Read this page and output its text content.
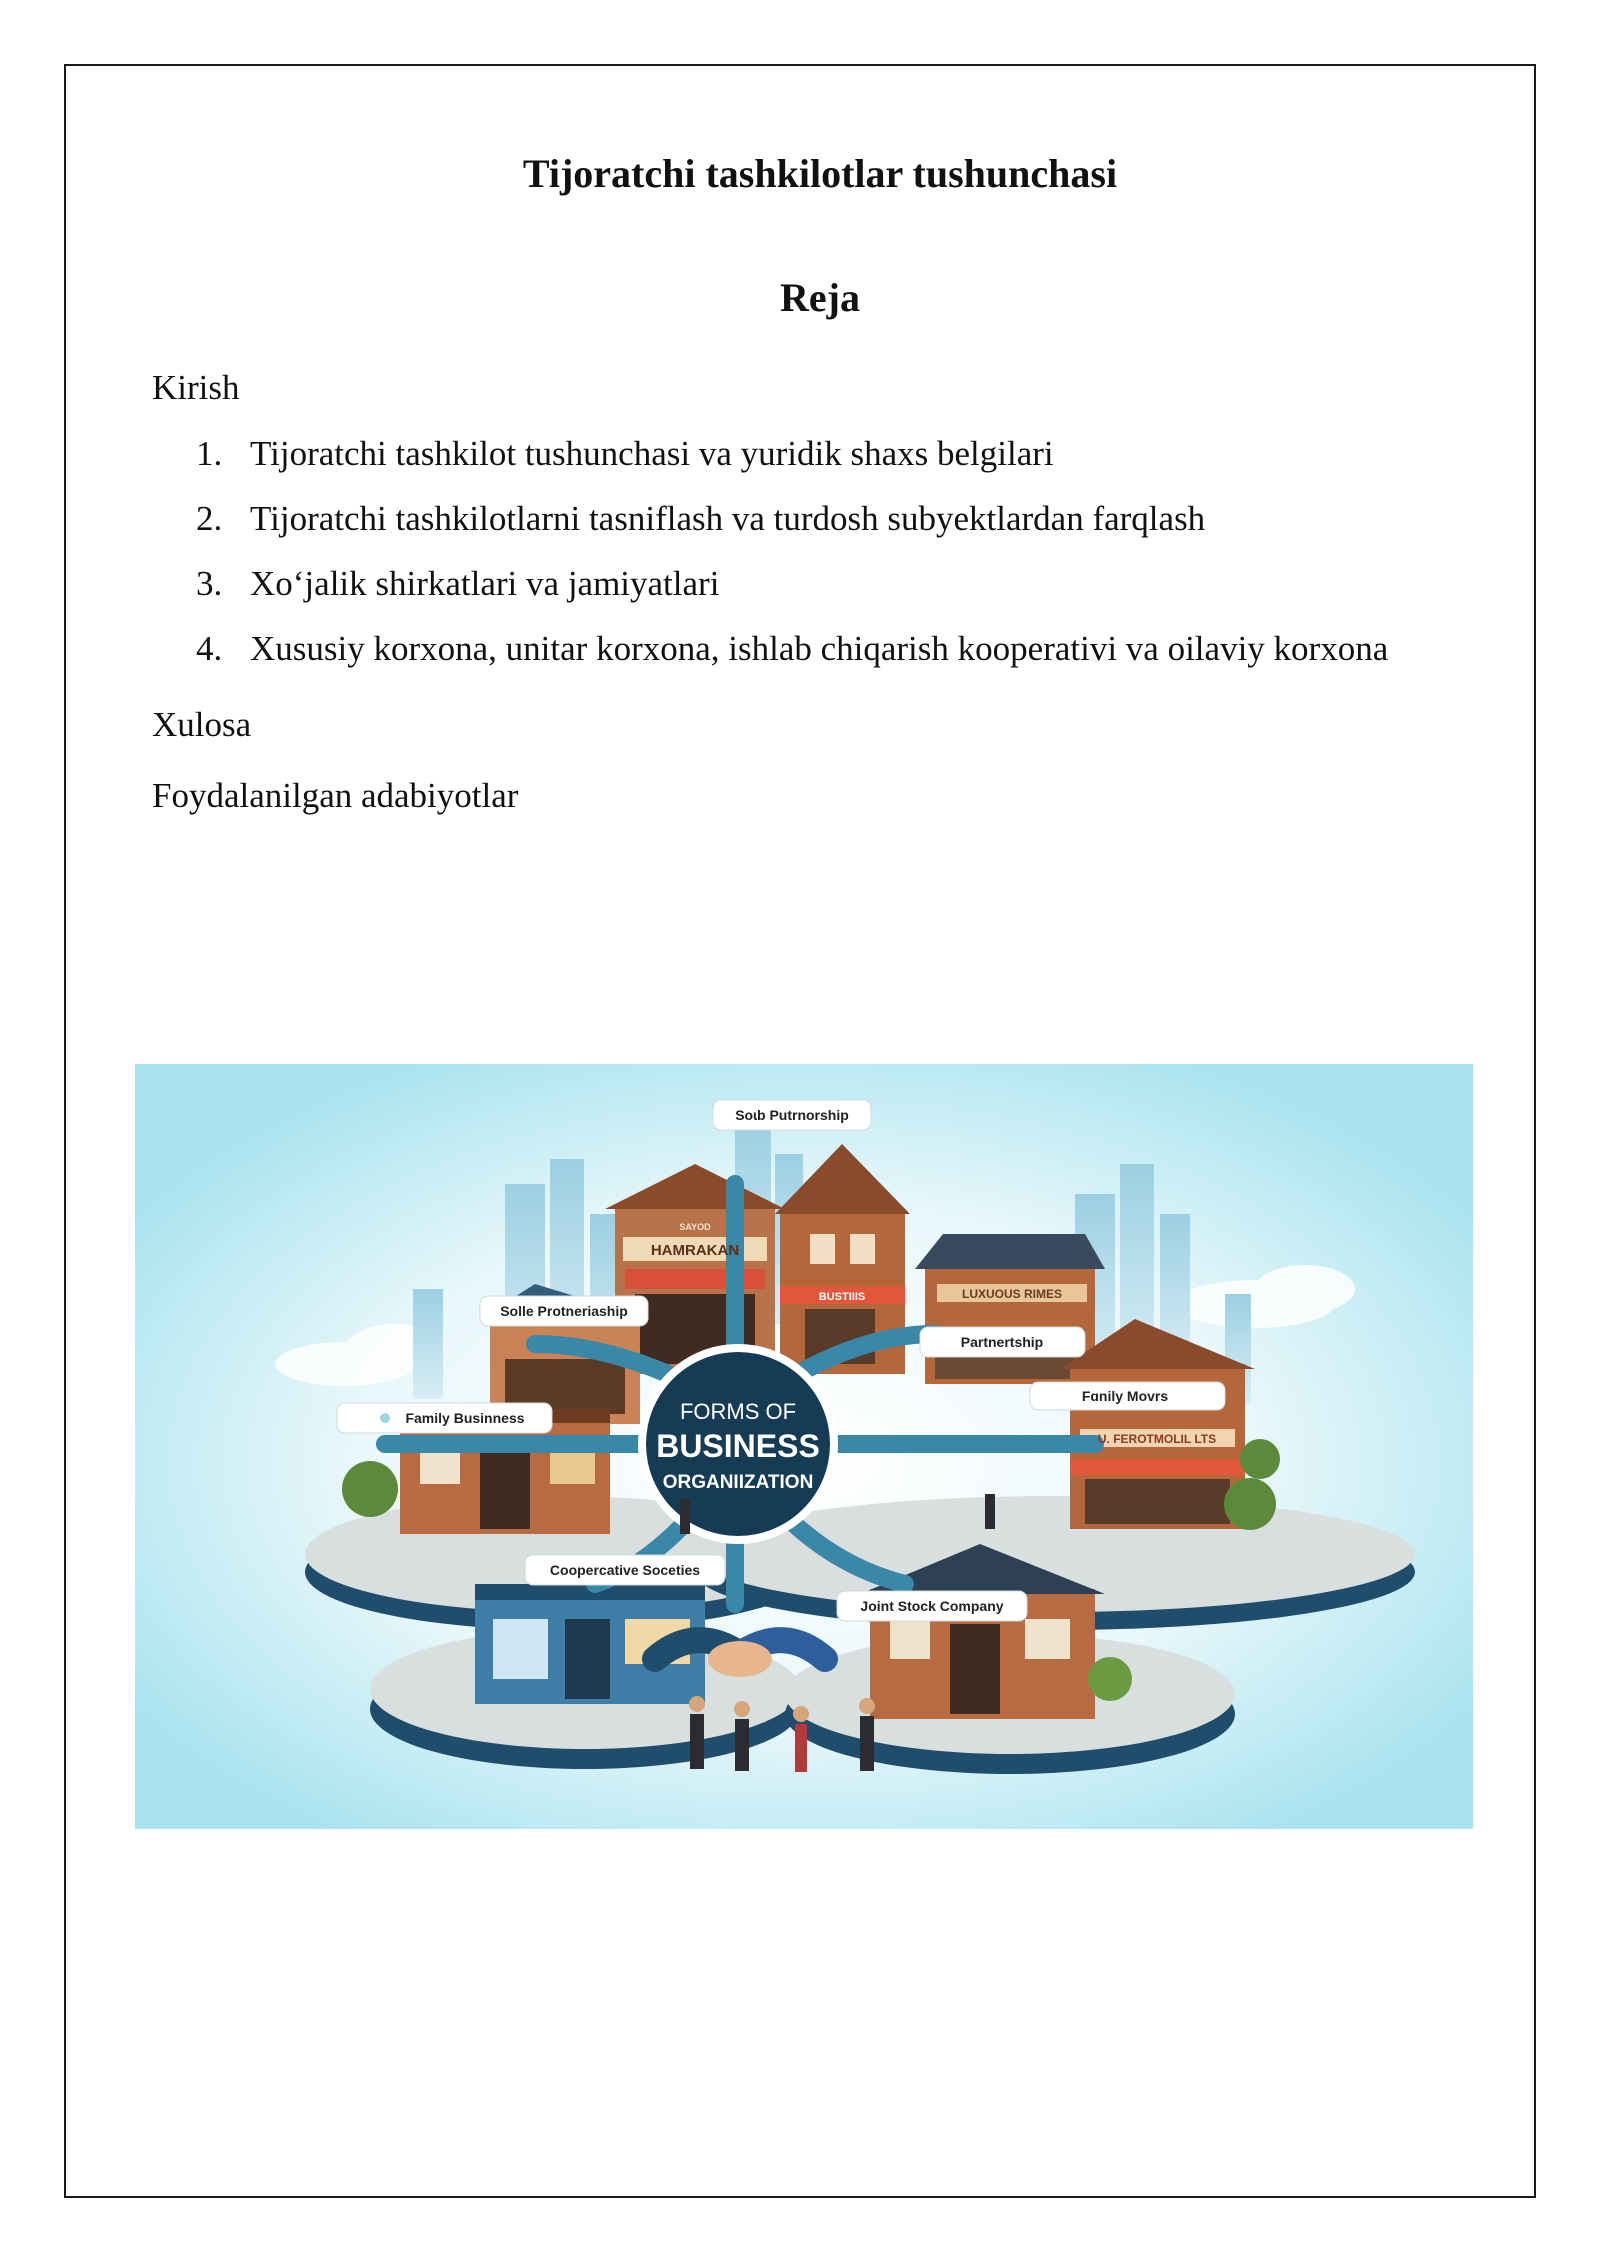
Tijoratchi tashkilotlar tushunchasi
Reja
Kirish
1. Tijoratchi tashkilot tushunchasi va yuridik shaxs belgilari
2. Tijoratchi tashkilotlarni tasniflash va turdosh subyektlardan farqlash
3. Xo‘jalik shirkatlari va jamiyatlari
4. Xususiy korxona, unitar korxona, ishlab chiqarish kooperativi va oilaviy korxona
Xulosa
Foydalanilgan adabiyotlar
FORMS OF
BUSINESS
ORGANIIZATION
Soɩb Putrnorship
Solle Protneriaship
Family Businness
Partnertship
Fɑnily Movrs
Coopercative Soceties
Joint Stock Company
HAMRAKAN
SAYOD
BUSTIIIS	LUXUOUS RIMES
U. FEROTMOLIL LTS
